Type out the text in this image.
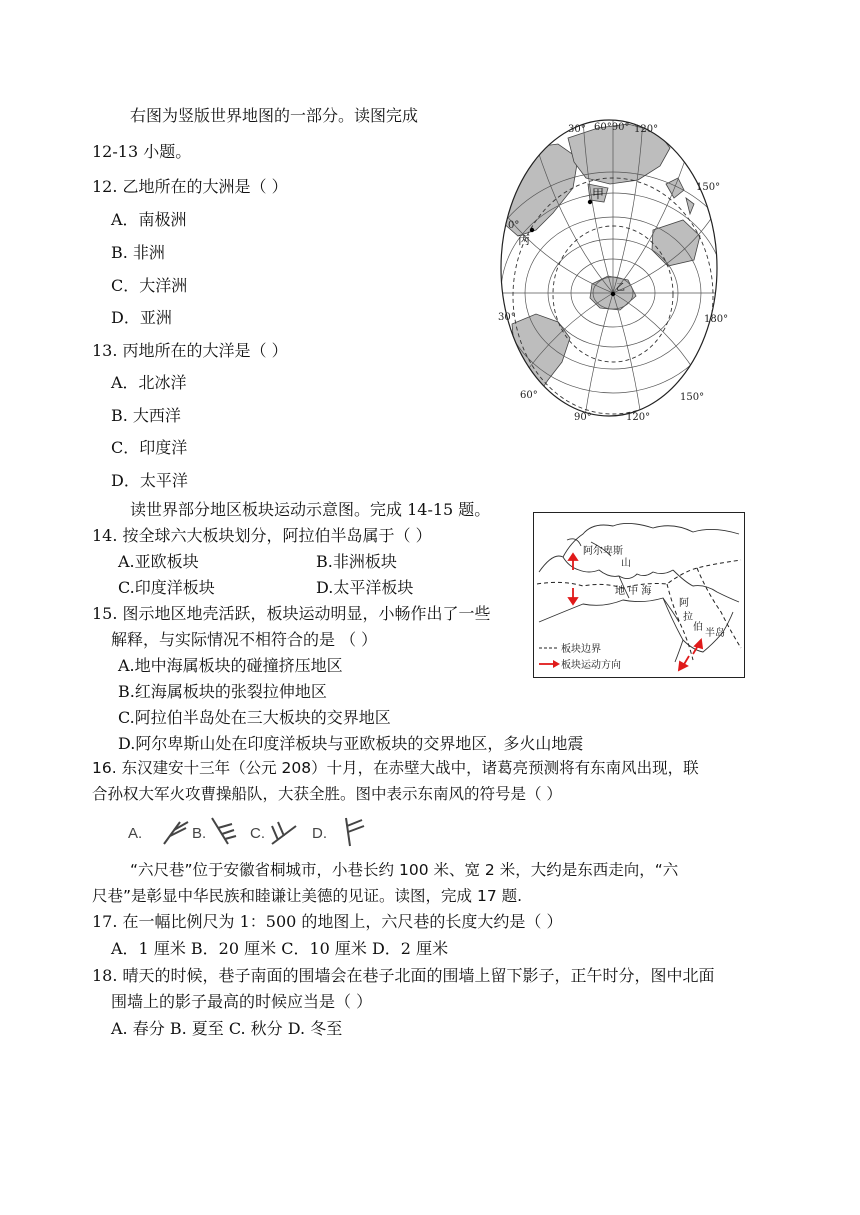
右图为竖版世界地图的一部分。读图完成
12-13 小题。
12. 乙地所在的大洲是（ ）
A．南极洲
B. 非洲
C．大洋洲
D．亚洲
13. 丙地所在的大洋是（ ）
A．北冰洋
B. 大西洋
C．印度洋
D．太平洋
30° 60°90° 120°
150°
0°
30°	180°
60°
90°	120°
150°
甲
乙
丙
读世界部分地区板块运动示意图。完成 14-15 题。
14. 按全球六大板块划分，阿拉伯半岛属于（ ）
A.亚欧板块	B.非洲板块
C.印度洋板块	D.太平洋板块
15. 图示地区地壳活跃，板块运动明显，小畅作出了一些
解释，与实际情况不相符合的是 （ ）
A.地中海属板块的碰撞挤压地区
B.红海属板块的张裂拉伸地区
C.阿拉伯半岛处在三大板块的交界地区
D.阿尔卑斯山处在印度洋板块与亚欧板块的交界地区，多火山地震
阿尔卑斯
山
地 中 海
阿
拉
伯
半岛
板块边界
板块运动方向
16. 东汉建安十三年（公元 208）十月，在赤壁大战中，诸葛亮预测将有东南风出现，联
合孙权大军火攻曹操船队，大获全胜。图中表示东南风的符号是（ ）
A.	B.	C.	D.
“六尺巷”位于安徽省桐城市，小巷长约 100 米、宽 2 米，大约是东西走向，“六
尺巷”是彰显中华民族和睦谦让美德的见证。读图，完成 17 题.
17. 在一幅比例尺为 1：500 的地图上，六尺巷的长度大约是（ ）
A．1 厘米 B．20 厘米 C．10 厘米 D．2 厘米
18. 晴天的时候，巷子南面的围墙会在巷子北面的围墙上留下影子，正午时分，图中北面
围墙上的影子最高的时候应当是（ ）
A. 春分 B. 夏至 C. 秋分 D. 冬至
